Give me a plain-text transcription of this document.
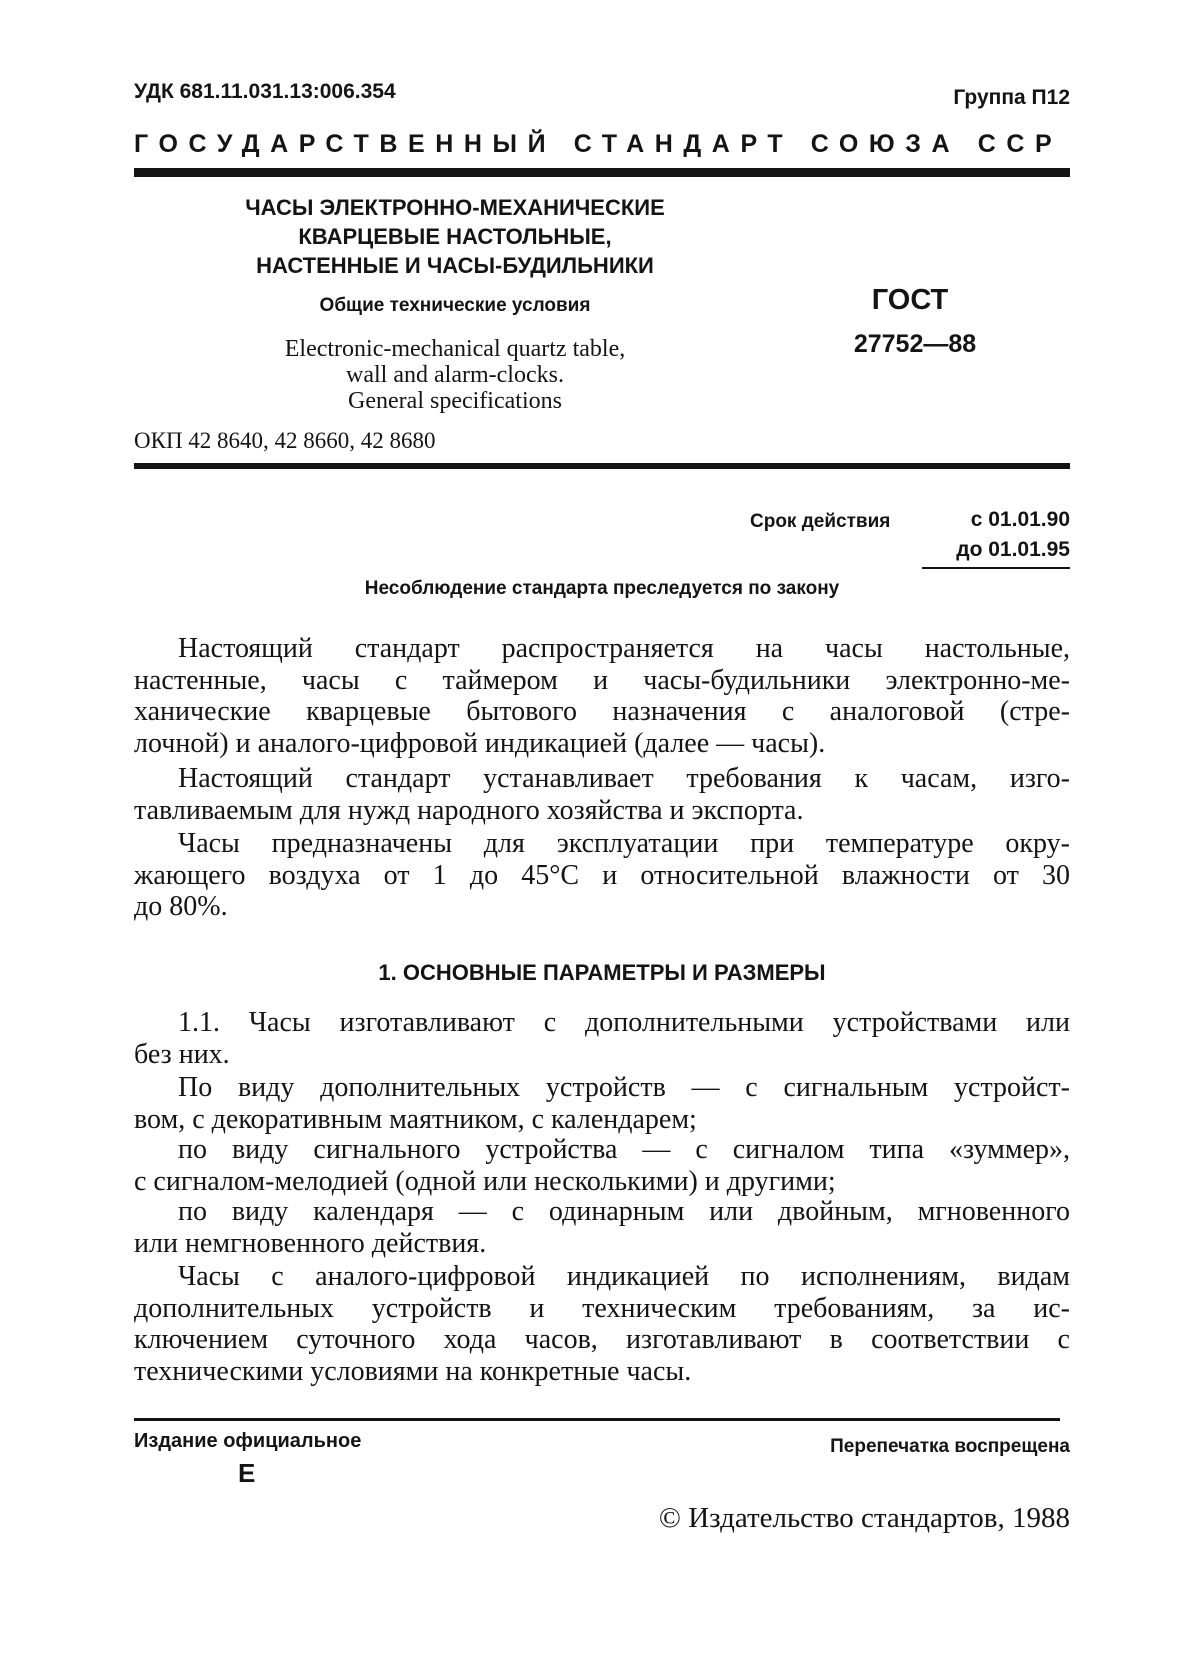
УДК 681.11.031.13:006.354	Группа П12
ГОСУДАРСТВЕННЫЙ СТАНДАРТ СОЮЗА ССР
ЧАСЫ ЭЛЕКТРОННО-МЕХАНИЧЕСКИЕ
КВАРЦЕВЫЕ НАСТОЛЬНЫЕ,
НАСТЕННЫЕ И ЧАСЫ-БУДИЛЬНИКИ
Общие технические условия
Electronic-mechanical quartz table,
wall and alarm-clocks.
General specifications
ОКП 42 8640, 42 8660, 42 8680
ГОСТ
27752—88
Срок действия	с 01.01.90
до 01.01.95
Несоблюдение стандарта преследуется по закону
Настоящий стандарт распространяется на часы настольные,
настенные, часы с таймером и часы-будильники электронно-ме-
ханические кварцевые бытового назначения с аналоговой (стре-
лочной) и аналого-цифровой индикацией (далее — часы).
Настоящий стандарт устанавливает требования к часам, изго-
тавливаемым для нужд народного хозяйства и экспорта.
Часы предназначены для эксплуатации при температуре окру-
жающего воздуха от 1 до 45°С и относительной влажности от 30
до 80%.
1. ОСНОВНЫЕ ПАРАМЕТРЫ И РАЗМЕРЫ
1.1. Часы изготавливают с дополнительными устройствами или
без них.
По виду дополнительных устройств — с сигнальным устройст-
вом, с декоративным маятником, с календарем;
по виду сигнального устройства — с сигналом типа «зуммер»,
с сигналом-мелодией (одной или несколькими) и другими;
по виду календаря — с одинарным или двойным, мгновенного
или немгновенного действия.
Часы с аналого-цифровой индикацией по исполнениям, видам
дополнительных устройств и техническим требованиям, за ис-
ключением суточного хода часов, изготавливают в соответствии с
техническими условиями на конкретные часы.
Издание официальное
Е
Перепечатка воспрещена
© Издательство стандартов, 1988
